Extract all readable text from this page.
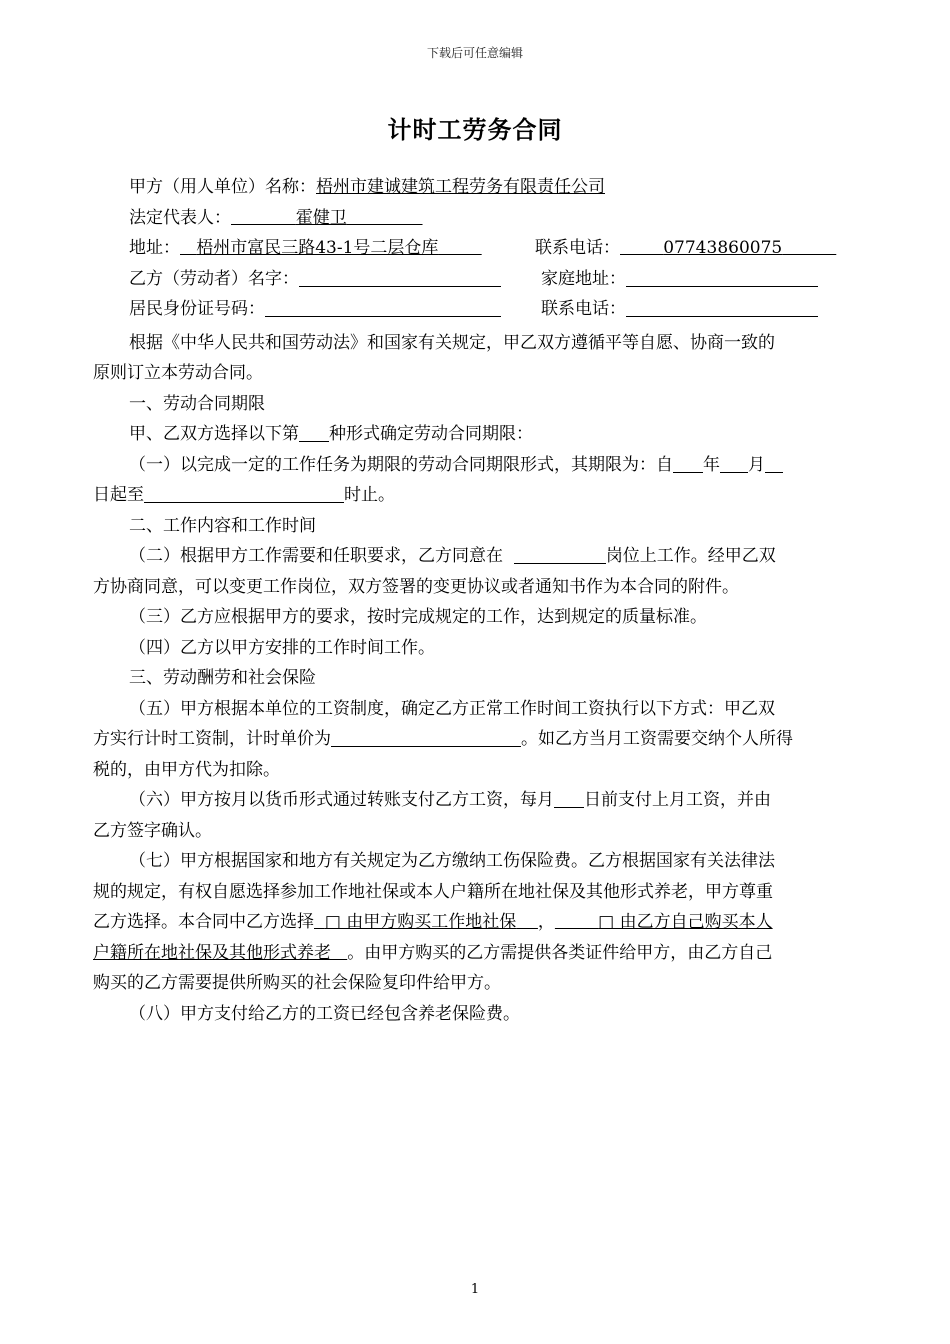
下载后可任意编辑
计时工劳务合同
甲方（用人单位）名称：梧州市建诚建筑工程劳务有限责任公司
法定代表人：	霍健卫
地址： 梧州市富民三路43-1号二层仓库	联系电话：	07743860075
乙方（劳动者）名字：	家庭地址：
居民身份证号码：	联系电话：
根据《中华人民共和国劳动法》和国家有关规定，甲乙双方遵循平等自愿、协商一致的
原则订立本劳动合同。
一、劳动合同期限
甲、乙双方选择以下第 种形式确定劳动合同期限：
（一）以完成一定的工作任务为期限的劳动合同期限形式，其期限为：自 年 月
日起至	时止。
二、工作内容和工作时间
（二）根据甲方工作需要和任职要求，乙方同意在	岗位上工作。经甲乙双
方协商同意，可以变更工作岗位，双方签署的变更协议或者通知书作为本合同的附件。
（三）乙方应根据甲方的要求，按时完成规定的工作，达到规定的质量标准。
（四）乙方以甲方安排的工作时间工作。
三、劳动酬劳和社会保险
（五）甲方根据本单位的工资制度，确定乙方正常工作时间工资执行以下方式：甲乙双
方实行计时工资制，计时单价为	。如乙方当月工资需要交纳个人所得
税的，由甲方代为扣除。
（六）甲方按月以货币形式通过转账支付乙方工资，每月 日前支付上月工资，并由
乙方签字确认。
（七）甲方根据国家和地方有关规定为乙方缴纳工伤保险费。乙方根据国家有关法律法
规的规定，有权自愿选择参加工作地社保或本人户籍所在地社保及其他形式养老，甲方尊重
乙方选择。本合同中乙方选择 □ 由甲方购买工作地社保 ，	□ 由乙方自己购买本人
户籍所在地社保及其他形式养老 。由甲方购买的乙方需提供各类证件给甲方，由乙方自己
购买的乙方需要提供所购买的社会保险复印件给甲方。
（八）甲方支付给乙方的工资已经包含养老保险费。
1
